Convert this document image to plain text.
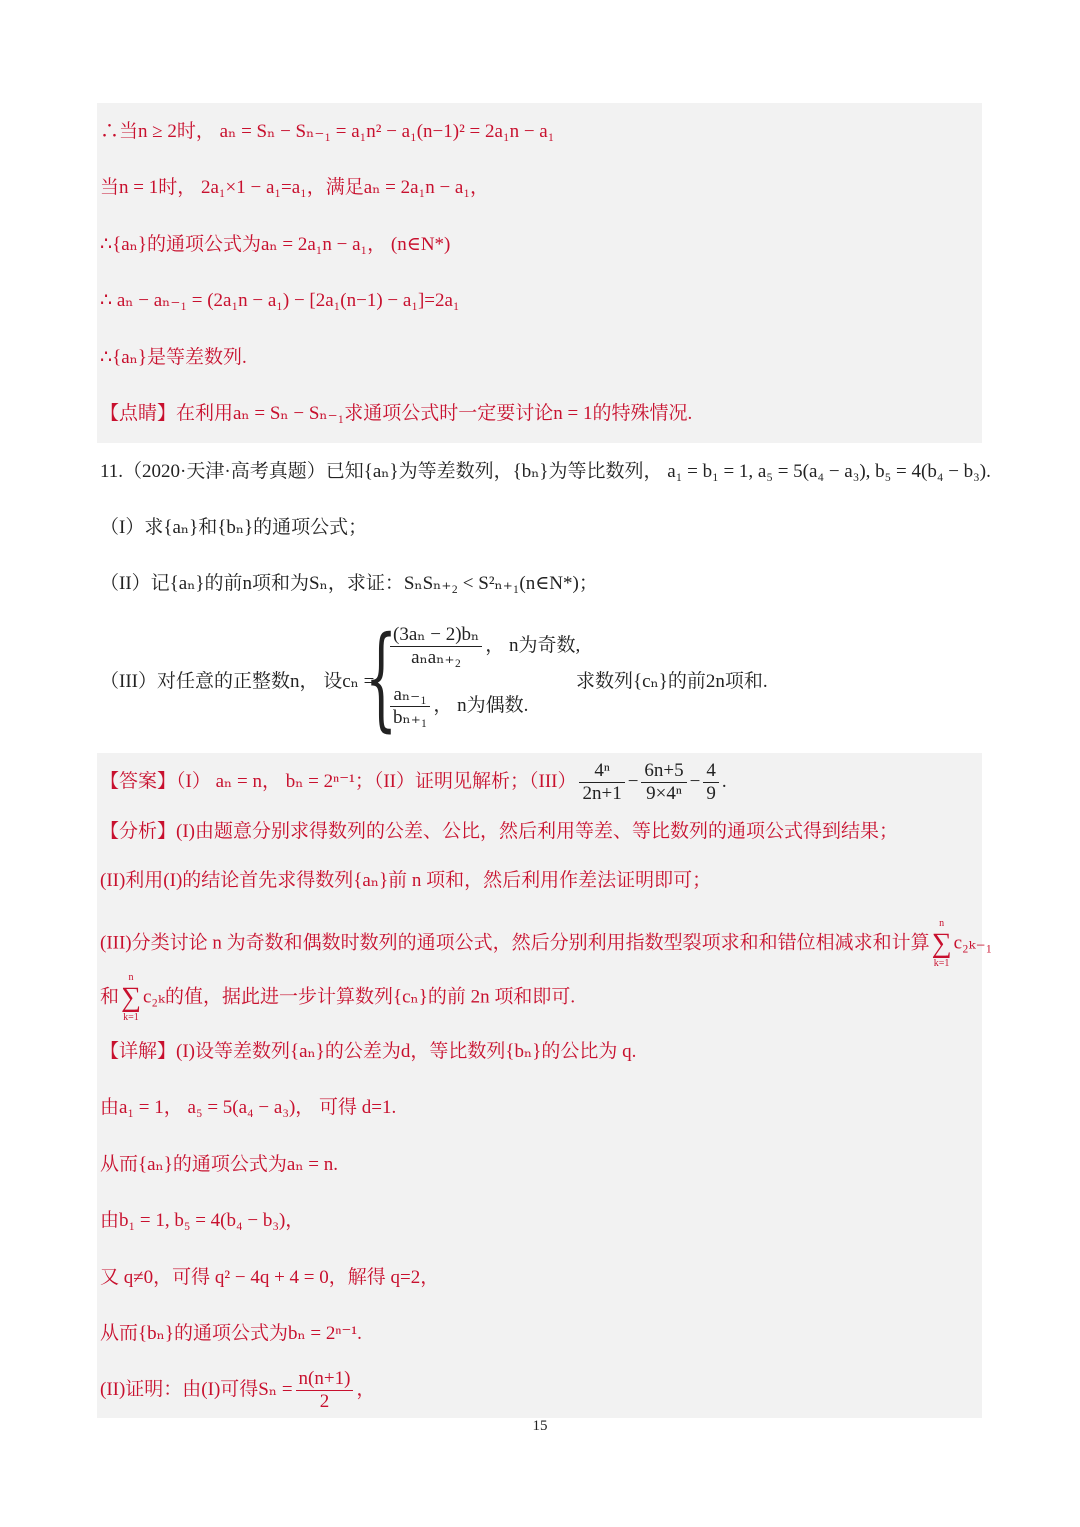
∴当n ≥ 2时， aₙ = Sₙ − Sₙ₋₁ = a₁n² − a₁(n−1)² = 2a₁n − a₁
当n = 1时， 2a₁×1 − a₁=a₁，满足aₙ = 2a₁n − a₁，
∴{aₙ}的通项公式为aₙ = 2a₁n − a₁， (n∈N*)
∴ aₙ − aₙ₋₁ = (2a₁n − a₁) − [2a₁(n−1) − a₁]=2a₁
∴{aₙ}是等差数列.
【点睛】在利用aₙ = Sₙ − Sₙ₋₁求通项公式时一定要讨论n = 1的特殊情况.
11.（2020·天津·高考真题）已知{aₙ}为等差数列，{bₙ}为等比数列， a₁ = b₁ = 1, a₅ = 5(a₄ − a₃), b₅ = 4(b₄ − b₃).
（I）求{aₙ}和{bₙ}的通项公式；
（II）记{aₙ}的前n项和为Sₙ，求证：SₙSₙ₊₂ < S²ₙ₊₁(n∈N*)；
（III）对任意的正整数n， 设cₙ =
{
$\frac{\text{(3aₙ − 2)bₙ}}{\text{aₙaₙ₊₂}}$ ， n为奇数,
$\frac{\text{aₙ₋₁}}{\text{bₙ₊₁}}$ ， n为偶数.
求数列{cₙ}的前2n项和.
【答案】（I） aₙ = n， bₙ = 2ⁿ⁻¹；（II）证明见解析；$(III) \frac{\text{4ⁿ}}{2n+1} - \frac{6n+5}{\text{9×4ⁿ}} - \frac{4}{9}$ .
【分析】(I)由题意分别求得数列的公差、公比，然后利用等差、等比数列的通项公式得到结果；
(II)利用(I)的结论首先求得数列{aₙ}前 n 项和，然后利用作差法证明即可；
(III)分类讨论 n 为奇数和偶数时数列的通项公式，然后分别利用指数型裂项求和和错位相减求和计算
n
∑
k=1
c₂ₖ₋₁
和
n
∑
k=1
c₂ₖ的值，据此进一步计算数列{cₙ}的前 2n 项和即可.
【详解】(I)设等差数列{aₙ}的公差为d，等比数列{bₙ}的公比为 q.
由a₁ = 1， a₅ = 5(a₄ − a₃)， 可得 d=1.
从而{aₙ}的通项公式为aₙ = n.
由b₁ = 1, b₅ = 4(b₄ − b₃)，
又 q≠0，可得 q² − 4q + 4 = 0，解得 q=2，
从而{bₙ}的通项公式为bₙ = 2ⁿ⁻¹.
(II)证明：由(I)可得$S_n = \frac{n(n+1)}{2}$ ，
15
